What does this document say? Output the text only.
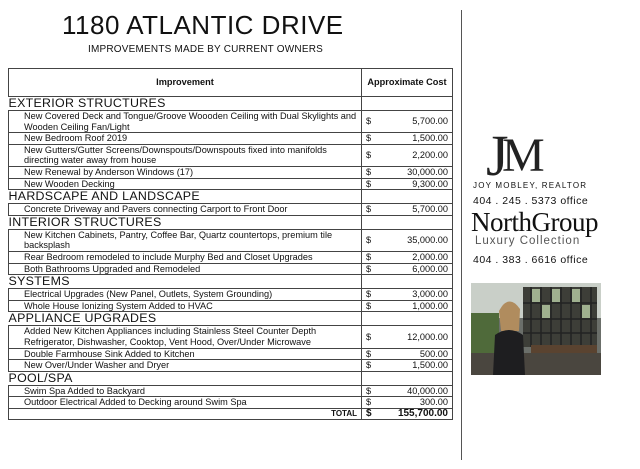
1180 ATLANTIC DRIVE
IMPROVEMENTS MADE BY CURRENT OWNERS
Improvement	Approximate Cost	
EXTERIOR STRUCTURES		
New Covered Deck and Tongue/Groove Woooden Ceiling with Dual Skylights and Wooden Ceiling Fan/Light	$	5,700.00
New Bedroom Roof 2019	$	1,500.00
New Gutters/Gutter Screens/Downspouts/Downspouts fixed into manifolds directing water away from house	$	2,200.00
New Renewal by Anderson Windows (17)	$	30,000.00
New Wooden Decking	$	9,300.00
HARDSCAPE AND LANDSCAPE		
Concrete Driveway and Pavers connecting Carport to Front Door	$	5,700.00
INTERIOR STRUCTURES		
New Kitchen Cabinets, Pantry, Coffee Bar, Quartz countertops, premium tile backsplash	$	35,000.00
Rear Bedroom remodeled to include Murphy Bed and Closet Upgrades	$	2,000.00
Both Bathrooms Upgraded and Remodeled	$	6,000.00
SYSTEMS		
Electrical Upgrades (New Panel, Outlets, System Grounding)	$	3,000.00
Whole House Ionizing System Added to HVAC	$	1,000.00
APPLIANCE UPGRADES		
Added New Kitchen Appliances including Stainless Steel Counter Depth Refrigerator, Dishwasher, Cooktop, Vent Hood, Over/Under Microwave	$	12,000.00
Double Farmhouse Sink Added to Kitchen	$	500.00
New Over/Under Washer and Dryer	$	1,500.00
POOL/SPA		
Swim Spa Added to Backyard	$	40,000.00
Outdoor Electrical Added to Decking around Swim Spa	$	300.00
TOTAL	$	155,700.00
J
M
JOY MOBLEY, REALTOR
404 . 245 . 5373 office
NorthGroup
Luxury Collection
404 . 383 . 6616 office
